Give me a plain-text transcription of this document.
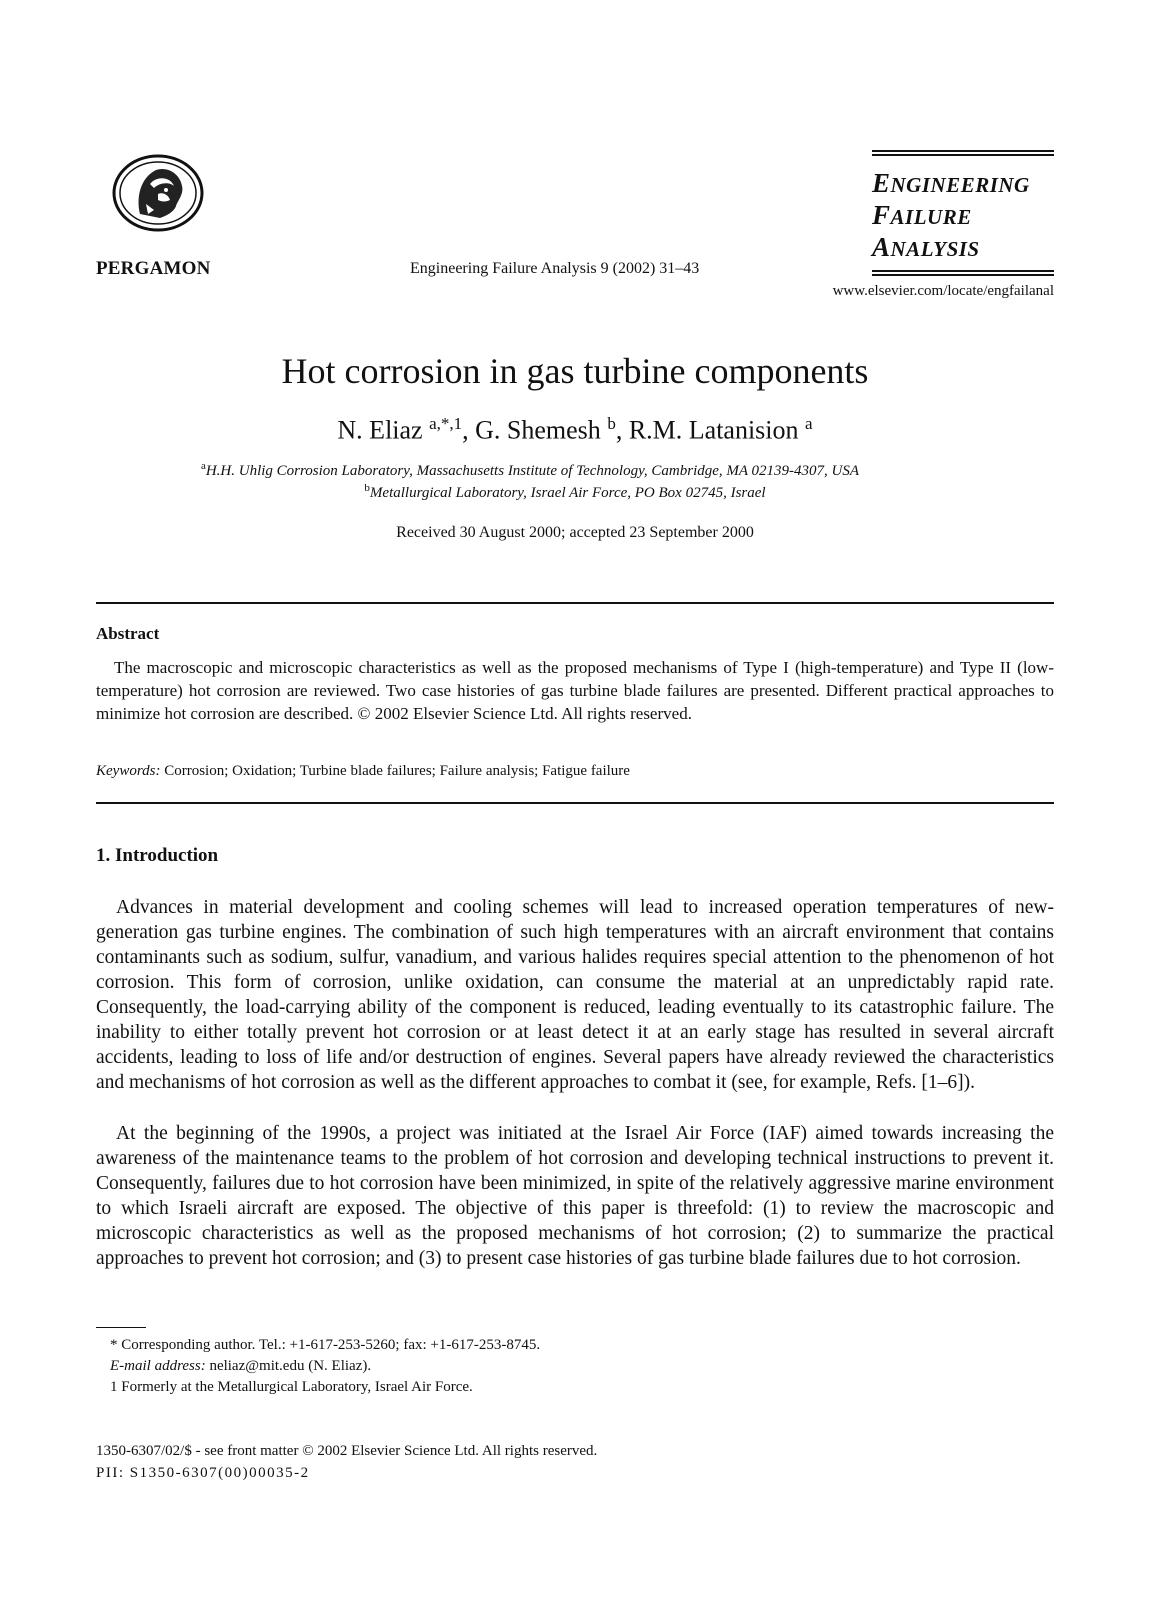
PERGAMON	Engineering Failure Analysis 9 (2002) 31–43
ENGINEERING
FAILURE
ANALYSIS
www.elsevier.com/locate/engfailanal
Hot corrosion in gas turbine components
N. Eliaz $^{a,*,1}$, G. Shemesh $^b$, R.M. Latanision $^a$
$^a$H.H. Uhlig Corrosion Laboratory, Massachusetts Institute of Technology, Cambridge, MA 02139-4307, USA
$^b$Metallurgical Laboratory, Israel Air Force, PO Box 02745, Israel
Received 30 August 2000; accepted 23 September 2000
Abstract
The macroscopic and microscopic characteristics as well as the proposed mechanisms of Type I (high-temperature) and Type II (low-temperature) hot corrosion are reviewed. Two case histories of gas turbine blade failures are presented. Different practical approaches to minimize hot corrosion are described. © 2002 Elsevier Science Ltd. All rights reserved.
Keywords: Corrosion; Oxidation; Turbine blade failures; Failure analysis; Fatigue failure
1. Introduction
Advances in material development and cooling schemes will lead to increased operation temperatures of new-generation gas turbine engines. The combination of such high temperatures with an aircraft environment that contains contaminants such as sodium, sulfur, vanadium, and various halides requires special attention to the phenomenon of hot corrosion. This form of corrosion, unlike oxidation, can consume the material at an unpredictably rapid rate. Consequently, the load-carrying ability of the component is reduced, leading eventually to its catastrophic failure. The inability to either totally prevent hot corrosion or at least detect it at an early stage has resulted in several aircraft accidents, leading to loss of life and/or destruction of engines. Several papers have already reviewed the characteristics and mechanisms of hot corrosion as well as the different approaches to combat it (see, for example, Refs. [1–6]).
At the beginning of the 1990s, a project was initiated at the Israel Air Force (IAF) aimed towards increasing the awareness of the maintenance teams to the problem of hot corrosion and developing technical instructions to prevent it. Consequently, failures due to hot corrosion have been minimized, in spite of the relatively aggressive marine environment to which Israeli aircraft are exposed. The objective of this paper is threefold: (1) to review the macroscopic and microscopic characteristics as well as the proposed mechanisms of hot corrosion; (2) to summarize the practical approaches to prevent hot corrosion; and (3) to present case histories of gas turbine blade failures due to hot corrosion.
* Corresponding author. Tel.: +1-617-253-5260; fax: +1-617-253-8745.
E-mail address: neliaz@mit.edu (N. Eliaz).
1 Formerly at the Metallurgical Laboratory, Israel Air Force.
1350-6307/02/$ - see front matter © 2002 Elsevier Science Ltd. All rights reserved.
PII: S1350-6307(00)00035-2
